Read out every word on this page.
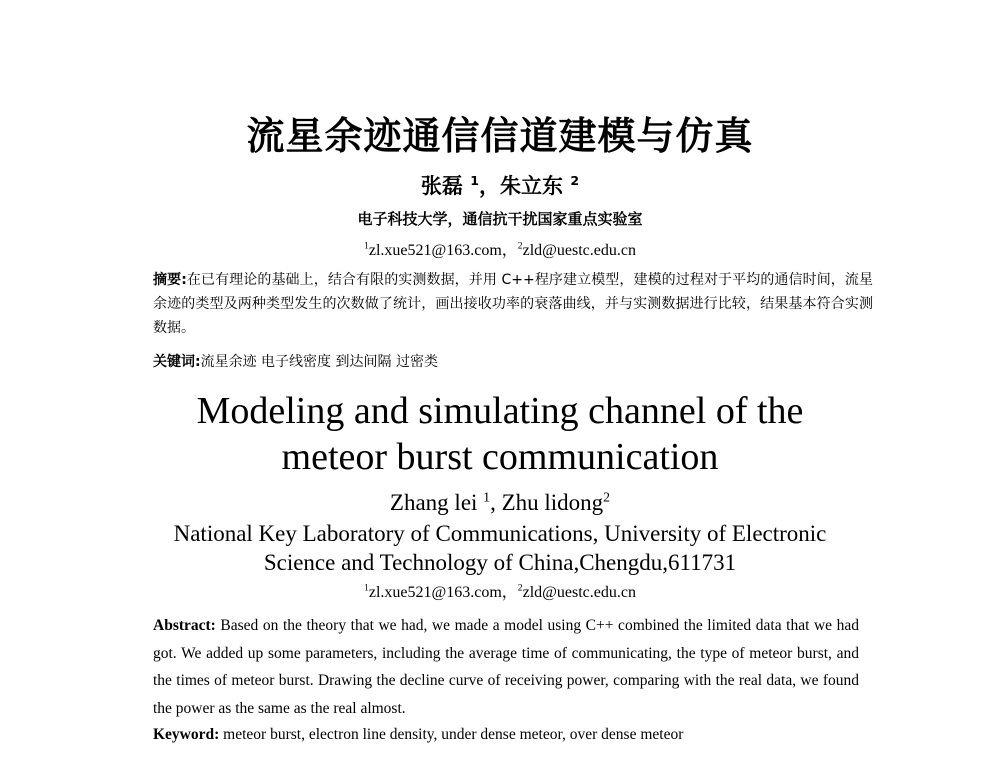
流星余迹通信信道建模与仿真
张磊 $^1$，朱立东 $^2$
电子科技大学，通信抗干扰国家重点实验室
$^1$zl.xue521@163.com，$^2$zld@uestc.edu.cn
摘要:在已有理论的基础上，结合有限的实测数据，并用 C++程序建立模型，建模的过程对于平均的通信时间，流星余迹的类型及两种类型发生的次数做了统计，画出接收功率的衰落曲线，并与实测数据进行比较，结果基本符合实测数据。
关键词:流星余迹 电子线密度 到达间隔 过密类
Modeling and simulating channel of the
meteor burst communication
Zhang lei $^1$, Zhu lidong$^2$
National Key Laboratory of Communications, University of Electronic
Science and Technology of China,Chengdu,611731
$^1$zl.xue521@163.com，$^2$zld@uestc.edu.cn
Abstract: Based on the theory that we had, we made a model using C++ combined the limited data that we had got. We added up some parameters, including the average time of communicating, the type of meteor burst, and the times of meteor burst. Drawing the decline curve of receiving power, comparing with the real data, we found the power as the same as the real almost.
Keyword: meteor burst, electron line density, under dense meteor, over dense meteor
